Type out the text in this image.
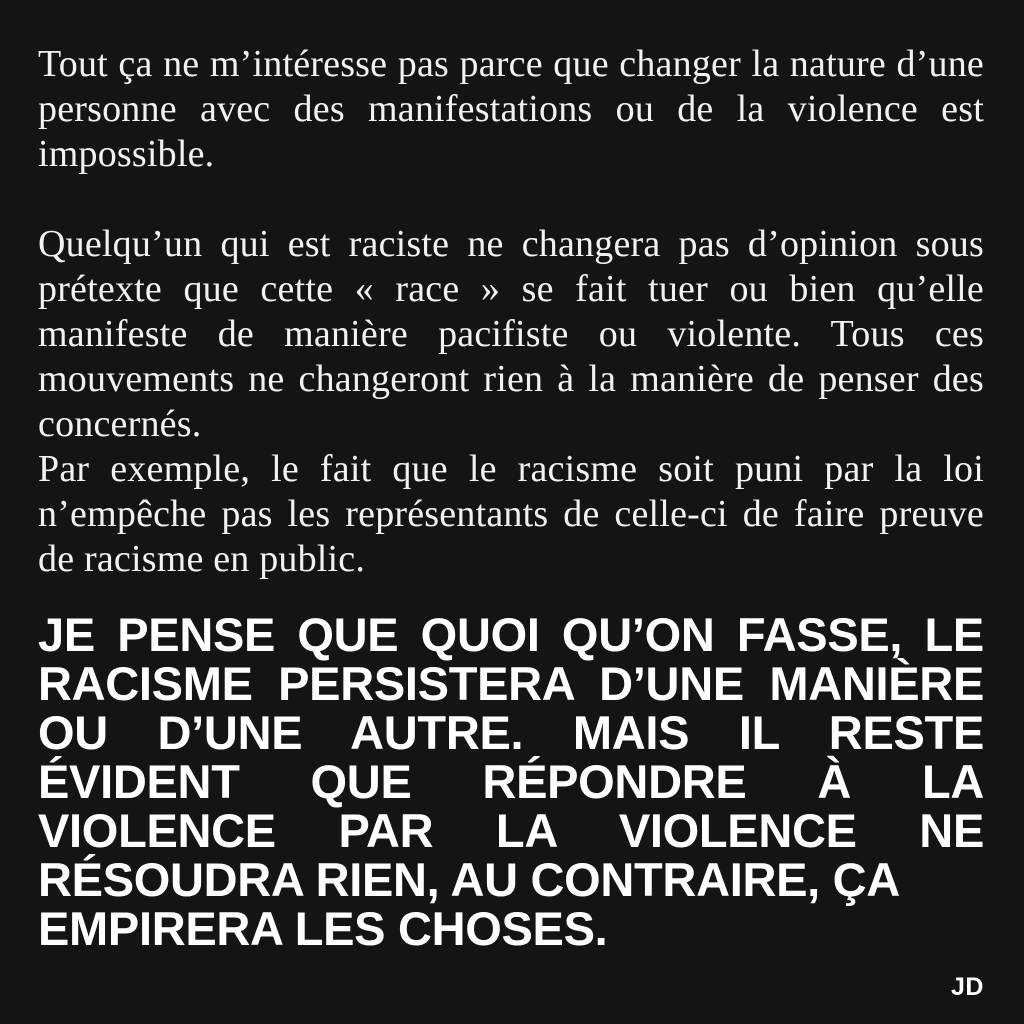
Tout ça ne m’intéresse pas parce que changer la nature d’une personne avec des manifestations ou de la violence est impossible.

Quelqu’un qui est raciste ne changera pas d’opinion sous prétexte que cette « race » se fait tuer ou bien qu’elle manifeste de manière pacifiste ou violente. Tous ces mouvements ne changeront rien à la manière de penser des concernés.

Par exemple, le fait que le racisme soit puni par la loi n’empêche pas les représentants de celle-ci de faire preuve de racisme en public.

JE PENSE QUE QUOI QU’ON FASSE, LE RACISME PERSISTERA D’UNE MANIÈRE OU D’UNE AUTRE. MAIS IL RESTE ÉVIDENT QUE RÉPONDRE À LA VIOLENCE PAR LA VIOLENCE NE RÉSOUDRA RIEN, AU CONTRAIRE, ÇA

EMPIRERA LES CHOSES.

JD
